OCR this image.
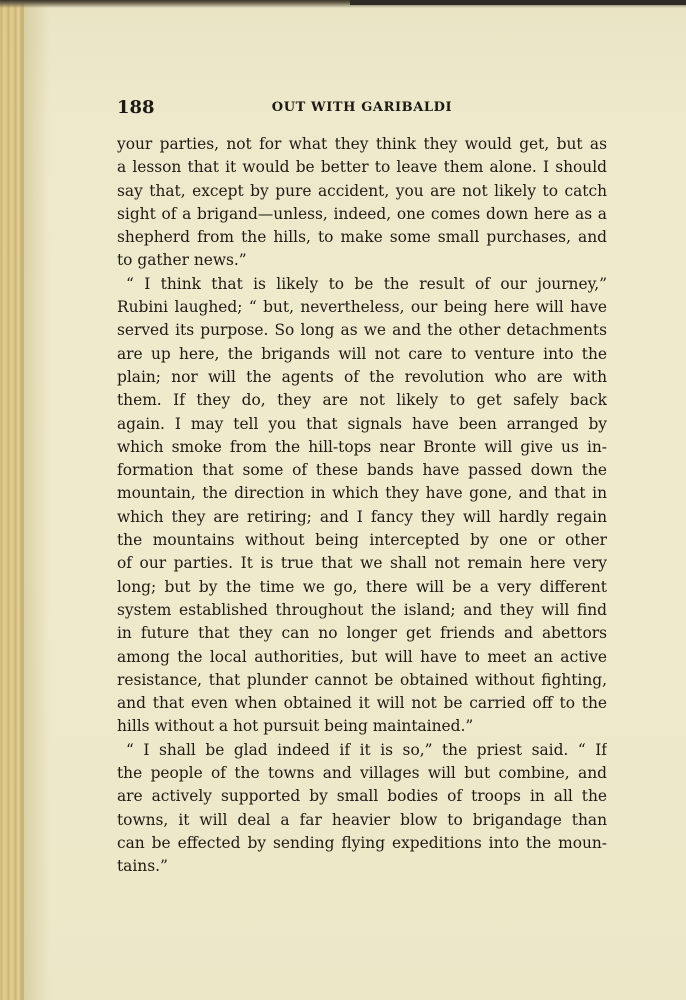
188	OUT WITH GARIBALDI
your parties, not for what they think they would get, but as
a lesson that it would be better to leave them alone. I should
say that, except by pure accident, you are not likely to catch
sight of a brigand—unless, indeed, one comes down here as a
shepherd from the hills, to make some small purchases, and
to gather news.”
“ I think that is likely to be the result of our journey,”
Rubini laughed; “ but, nevertheless, our being here will have
served its purpose. So long as we and the other detachments
are up here, the brigands will not care to venture into the
plain; nor will the agents of the revolution who are with
them. If they do, they are not likely to get safely back
again. I may tell you that signals have been arranged by
which smoke from the hill-tops near Bronte will give us in-
formation that some of these bands have passed down the
mountain, the direction in which they have gone, and that in
which they are retiring; and I fancy they will hardly regain
the mountains without being intercepted by one or other
of our parties. It is true that we shall not remain here very
long; but by the time we go, there will be a very different
system established throughout the island; and they will find
in future that they can no longer get friends and abettors
among the local authorities, but will have to meet an active
resistance, that plunder cannot be obtained without fighting,
and that even when obtained it will not be carried off to the
hills without a hot pursuit being maintained.”
“ I shall be glad indeed if it is so,” the priest said. “ If
the people of the towns and villages will but combine, and
are actively supported by small bodies of troops in all the
towns, it will deal a far heavier blow to brigandage than
can be effected by sending flying expeditions into the moun-
tains.”
